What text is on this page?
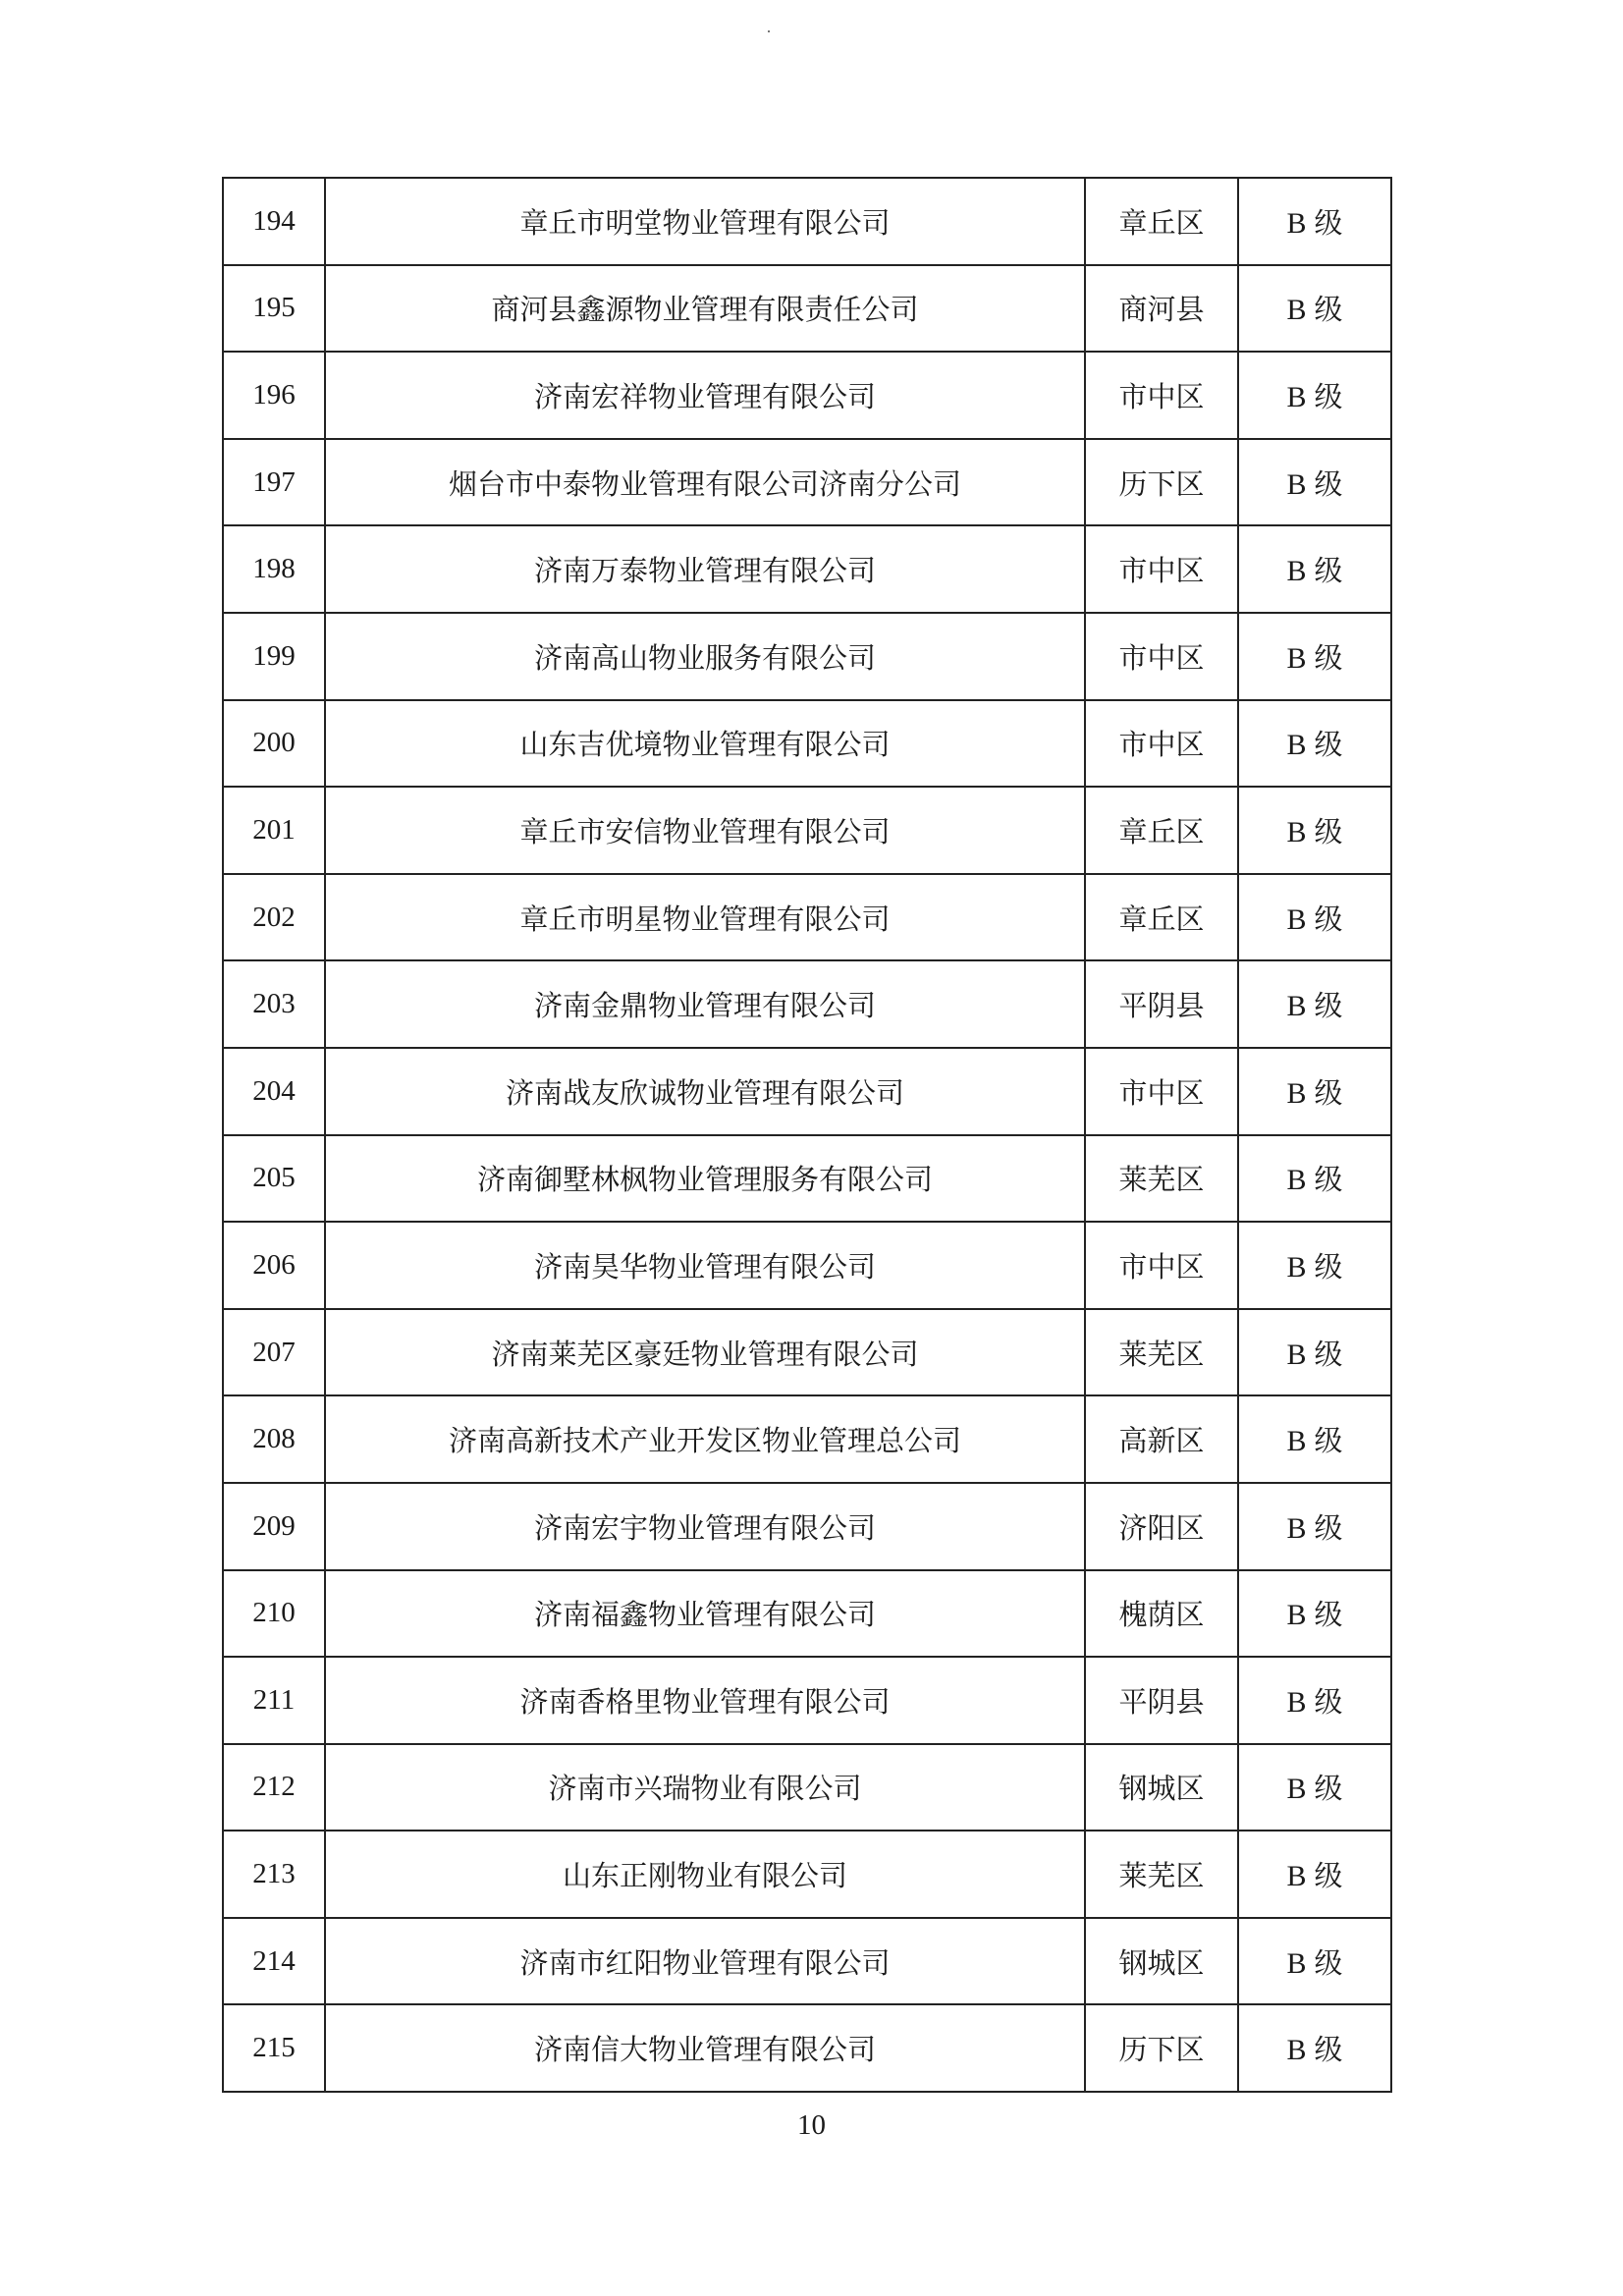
194	章丘市明堂物业管理有限公司	章丘区	B 级
195	商河县鑫源物业管理有限责任公司	商河县	B 级
196	济南宏祥物业管理有限公司	市中区	B 级
197	烟台市中泰物业管理有限公司济南分公司	历下区	B 级
198	济南万泰物业管理有限公司	市中区	B 级
199	济南高山物业服务有限公司	市中区	B 级
200	山东吉优境物业管理有限公司	市中区	B 级
201	章丘市安信物业管理有限公司	章丘区	B 级
202	章丘市明星物业管理有限公司	章丘区	B 级
203	济南金鼎物业管理有限公司	平阴县	B 级
204	济南战友欣诚物业管理有限公司	市中区	B 级
205	济南御墅林枫物业管理服务有限公司	莱芜区	B 级
206	济南昊华物业管理有限公司	市中区	B 级
207	济南莱芜区豪廷物业管理有限公司	莱芜区	B 级
208	济南高新技术产业开发区物业管理总公司	高新区	B 级
209	济南宏宇物业管理有限公司	济阳区	B 级
210	济南福鑫物业管理有限公司	槐荫区	B 级
211	济南香格里物业管理有限公司	平阴县	B 级
212	济南市兴瑞物业有限公司	钢城区	B 级
213	山东正刚物业有限公司	莱芜区	B 级
214	济南市红阳物业管理有限公司	钢城区	B 级
215	济南信大物业管理有限公司	历下区	B 级
10
